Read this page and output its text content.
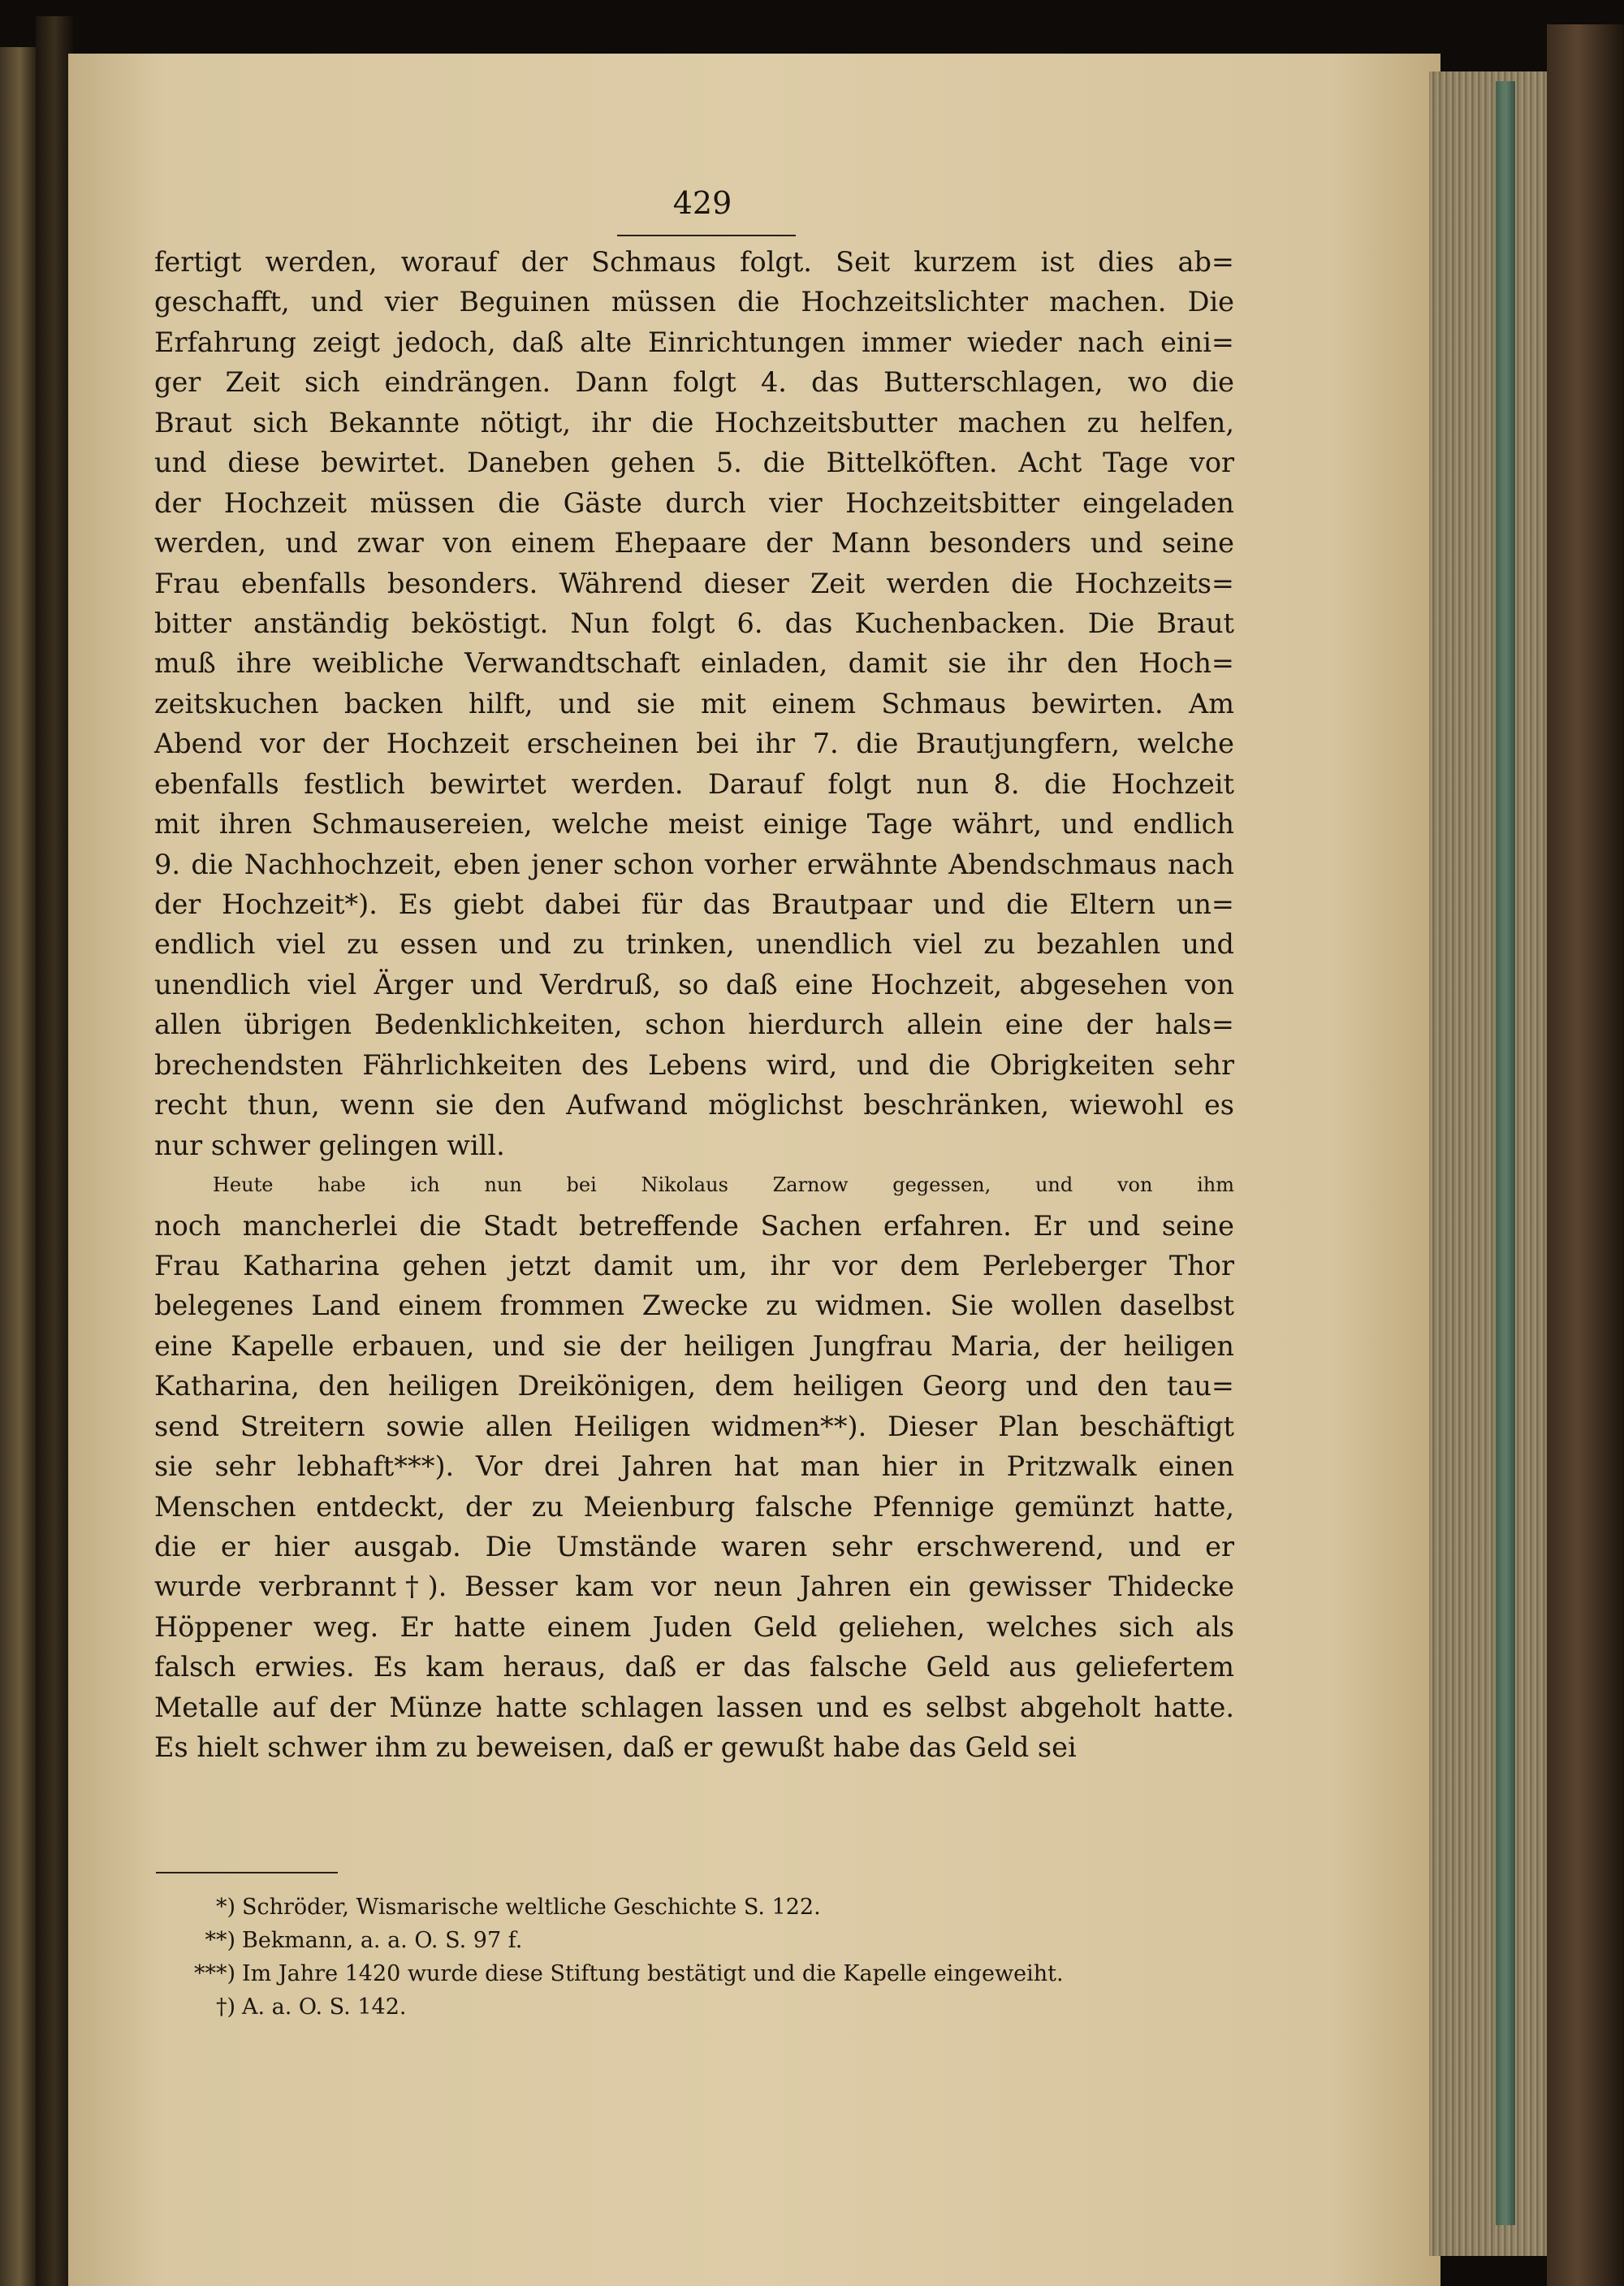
429
fertigt werden, worauf der Schmaus folgt. Seit kurzem ist dies ab=
geschafft, und vier Beguinen müssen die Hochzeitslichter machen. Die
Erfahrung zeigt jedoch, daß alte Einrichtungen immer wieder nach eini=
ger Zeit sich eindrängen. Dann folgt 4. das Butterschlagen, wo die
Braut sich Bekannte nötigt, ihr die Hochzeitsbutter machen zu helfen,
und diese bewirtet. Daneben gehen 5. die Bittelköften. Acht Tage vor
der Hochzeit müssen die Gäste durch vier Hochzeitsbitter eingeladen
werden, und zwar von einem Ehepaare der Mann besonders und seine
Frau ebenfalls besonders. Während dieser Zeit werden die Hochzeits=
bitter anständig beköstigt. Nun folgt 6. das Kuchenbacken. Die Braut
muß ihre weibliche Verwandtschaft einladen, damit sie ihr den Hoch=
zeitskuchen backen hilft, und sie mit einem Schmaus bewirten. Am
Abend vor der Hochzeit erscheinen bei ihr 7. die Brautjungfern, welche
ebenfalls festlich bewirtet werden. Darauf folgt nun 8. die Hochzeit
mit ihren Schmausereien, welche meist einige Tage währt, und endlich
9. die Nachhochzeit, eben jener schon vorher erwähnte Abendschmaus nach
der Hochzeit*). Es giebt dabei für das Brautpaar und die Eltern un=
endlich viel zu essen und zu trinken, unendlich viel zu bezahlen und
unendlich viel Ärger und Verdruß, so daß eine Hochzeit, abgesehen von
allen übrigen Bedenklichkeiten, schon hierdurch allein eine der hals=
brechendsten Fährlichkeiten des Lebens wird, und die Obrigkeiten sehr
recht thun, wenn sie den Aufwand möglichst beschränken, wiewohl es
nur schwer gelingen will.
Heute habe ich nun bei Nikolaus Zarnow gegessen, und von ihm
noch mancherlei die Stadt betreffende Sachen erfahren. Er und seine
Frau Katharina gehen jetzt damit um, ihr vor dem Perleberger Thor
belegenes Land einem frommen Zwecke zu widmen. Sie wollen daselbst
eine Kapelle erbauen, und sie der heiligen Jungfrau Maria, der heiligen
Katharina, den heiligen Dreikönigen, dem heiligen Georg und den tau=
send Streitern sowie allen Heiligen widmen**). Dieser Plan beschäftigt
sie sehr lebhaft***). Vor drei Jahren hat man hier in Pritzwalk einen
Menschen entdeckt, der zu Meienburg falsche Pfennige gemünzt hatte,
die er hier ausgab. Die Umstände waren sehr erschwerend, und er
wurde verbrannt†). Besser kam vor neun Jahren ein gewisser Thidecke
Höppener weg. Er hatte einem Juden Geld geliehen, welches sich als
falsch erwies. Es kam heraus, daß er das falsche Geld aus geliefertem
Metalle auf der Münze hatte schlagen lassen und es selbst abgeholt hatte.
Es hielt schwer ihm zu beweisen, daß er gewußt habe das Geld sei
*) Schröder, Wismarische weltliche Geschichte S. 122.
**) Bekmann, a. a. O. S. 97 f.
***) Im Jahre 1420 wurde diese Stiftung bestätigt und die Kapelle eingeweiht.
†) A. a. O. S. 142.
